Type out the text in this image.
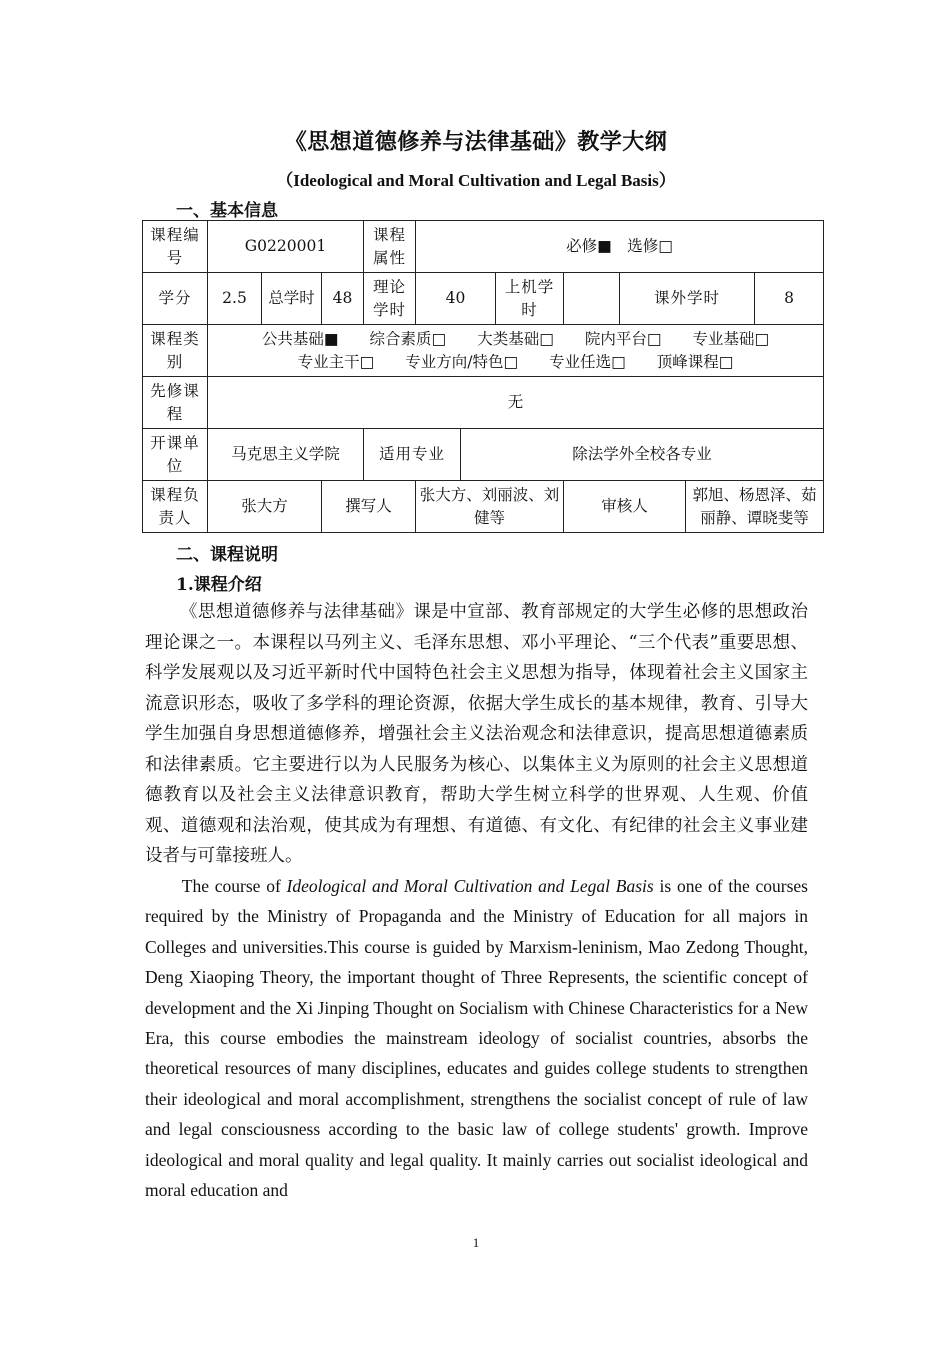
《思想道德修养与法律基础》教学大纲
（Ideological and Moral Cultivation and Legal Basis）
一、基本信息
课程编号	G0220001			课程属性	必修■　选修□						
学分	2.5	总学时	48	理论学时	40		上机学时		课外学时		8
课程类别	公共基础■　　综合素质□　　大类基础□　　院内平台□　　专业基础□
专业主干□　　专业方向/特色□　　专业任选□　　顶峰课程□										

先修课程	无										
开课单位	马克思主义学院			适用专业		除法学外全校各专业					
课程负责人	张大方		撰写人		张大方、刘丽波、刘健等			审核人		郭旭、杨恩泽、茹丽静、谭晓斐等	
二、课程说明
1.课程介绍

《思想道德修养与法律基础》课是中宣部、教育部规定的大学生必修的思想政治理论课之一。本课程以马列主义、毛泽东思想、邓小平理论、“三个代表”重要思想、科学发展观以及习近平新时代中国特色社会主义思想为指导，体现着社会主义国家主流意识形态，吸收了多学科的理论资源，依据大学生成长的基本规律，教育、引导大学生加强自身思想道德修养，增强社会主义法治观念和法律意识，提高思想道德素质和法律素质。它主要进行以为人民服务为核心、以集体主义为原则的社会主义思想道德教育以及社会主义法律意识教育，帮助大学生树立科学的世界观、人生观、价值观、道德观和法治观，使其成为有理想、有道德、有文化、有纪律的社会主义事业建设者与可靠接班人。

The course of Ideological and Moral Cultivation and Legal Basis is one of the courses required by the Ministry of Propaganda and the Ministry of Education for all majors in Colleges and universities.This course is guided by Marxism-leninism, Mao Zedong Thought, Deng Xiaoping Theory, the important thought of Three Represents, the scientific concept of development and the Xi Jinping Thought on Socialism with Chinese Characteristics for a New Era, this course embodies the mainstream ideology of socialist countries, absorbs the theoretical resources of many disciplines, educates and guides college students to strengthen their ideological and moral accomplishment, strengthens the socialist concept of rule of law and legal consciousness according to the basic law of college students' growth. Improve ideological and moral quality and legal quality. It mainly carries out socialist ideological and moral education and

1
